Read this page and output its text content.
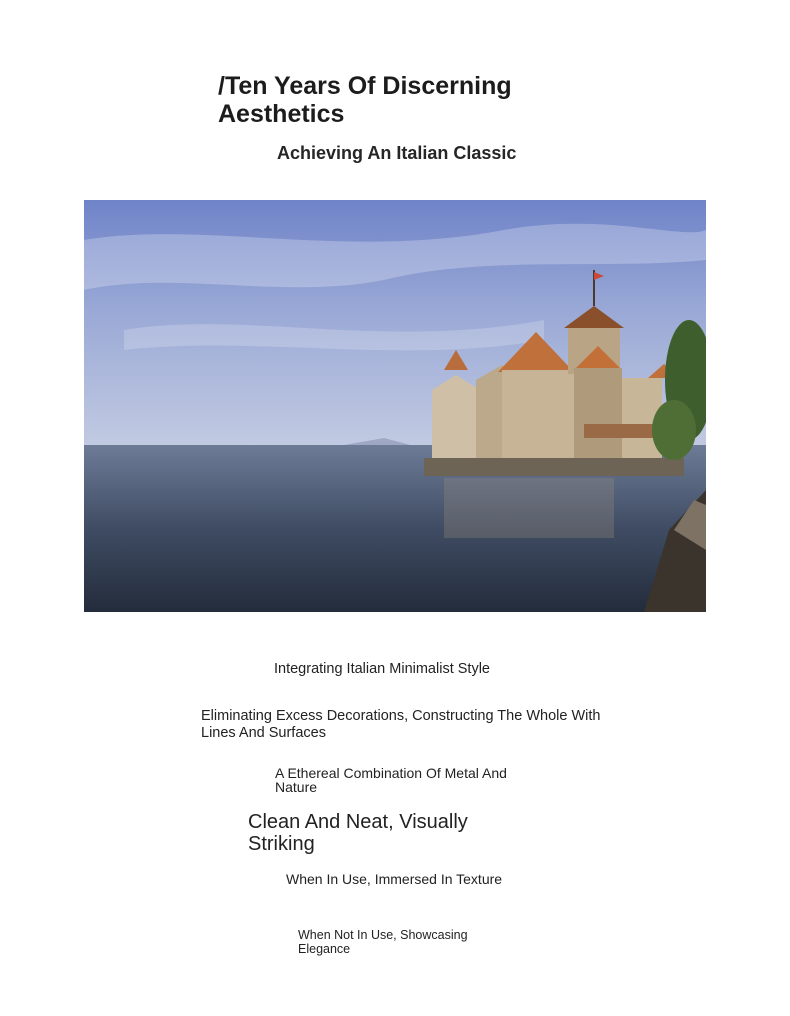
/Ten Years Of Discerning Aesthetics
Achieving An Italian Classic

Integrating Italian Minimalist Style

Eliminating Excess Decorations, Constructing The Whole With Lines And Surfaces

A Ethereal Combination Of Metal And Nature

Clean And Neat, Visually Striking

When In Use, Immersed In Texture

When Not In Use, Showcasing Elegance
